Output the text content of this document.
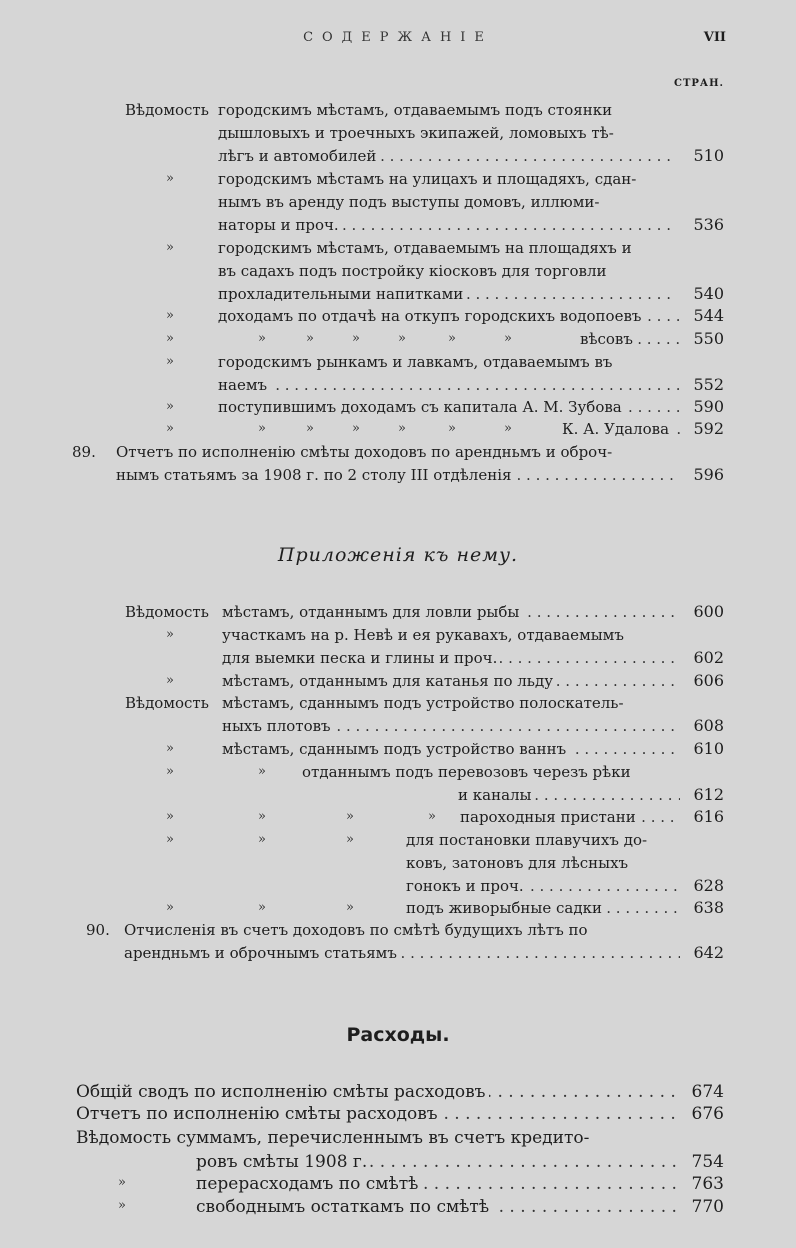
СОДЕРЖАНІЕ	VII
СТРАН.
Вѣдомость городскимъ мѣстамъ, отдаваемымъ подъ стоянки
дышловыхъ и троечныхъ экипажей, ломовыхъ тѣ-
. . . лѣгъ и автомобилей	510
»	городскимъ мѣстамъ на улицахъ и площадяхъ, сдан-
нымъ въ аренду подъ выступы домовъ, иллюми-
. . . наторы и проч.	536
»	городскимъ мѣстамъ, отдаваемымъ на площадяхъ и
въ садахъ подъ постройку кіосковъ для торговли
. . . прохладительными напитками	540
»	. . . доходамъ по отдачѣ на откупъ городскихъ водопоевъ	544
»	»	»	»	»	»	»	. . . вѣсовъ	550
»	городскимъ рынкамъ и лавкамъ, отдаваемымъ въ
. . . наемъ	552
»	. . . поступившимъ доходамъ съ капитала А. М. Зубова	590
»	»	»	»	»	»	»	. . . К. А. Удалова	592
89. Отчетъ по исполненію смѣты доходовъ по арендньмъ и оброч-
. . . нымъ статьямъ за 1908 г. по 2 столу III отдѣленія	596
Приложенія къ нему.
Вѣдомость . . . мѣстамъ, отданнымъ для ловли рыбы	600
»	участкамъ на р. Невѣ и ея рукавахъ, отдаваемымъ
. . . для выемки песка и глины и проч.	602
»	. . . мѣстамъ, отданнымъ для катанья по льду	606
Вѣдомость мѣстамъ, сданнымъ подъ устройство полоскатель-
. . . ныхъ плотовъ	608
»	. . . мѣстамъ, сданнымъ подъ устройство ваннъ	610
»	» отданнымъ подъ перевозовъ черезъ рѣки
. . . и каналы	612
»	»	»	» . . . пароходныя пристани	616
»	»	»	для постановки плавучихъ до-
ковъ, затоновъ для лѣсныхъ
. . . гонокъ и проч.	628
»	»	»	. . . подъ живорыбные садки	638
90. Отчисленія въ счетъ доходовъ по смѣтѣ будущихъ лѣтъ по
. . . арендньмъ и оброчнымъ статьямъ	642
Расходы.
. . . Общій сводъ по исполненію смѣты расходовъ	674
. . . Отчетъ по исполненію смѣты расходовъ	676
Вѣдомость суммамъ, перечисленнымъ въ счетъ кредито-
. . . ровъ смѣты 1908 г.	754
»	. . . перерасходамъ по смѣтѣ	763
»	. . . свободнымъ остаткамъ по смѣтѣ	770
